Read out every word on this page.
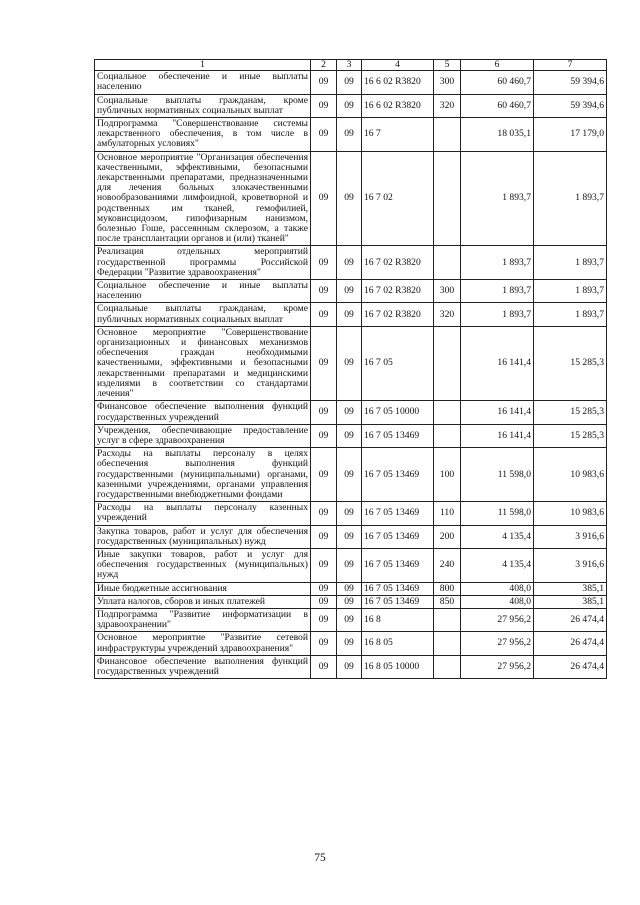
1	2	3	4	5	6	7
Социальное обеспечение и иные выплаты населению	09	09	16 6 02 R3820	300	60 460,7	59 394,6
Социальные выплаты гражданам, кроме публичных нормативных социальных выплат	09	09	16 6 02 R3820	320	60 460,7	59 394,6
Подпрограмма "Совершенствование системы лекарственного обеспечения, в том числе в амбулаторных условиях"	09	09	16 7		18 035,1	17 179,0
Основное мероприятие "Организация обеспечения качественными, эффективными, безопасными лекарственными препаратами, предназначенными для лечения больных злокачественными новообразованиями лимфоидной, кроветворной и родственных им тканей, гемофилией, муковисцидозом, гипофизарным нанизмом, болезнью Гоше, рассеянным склерозом, а также после трансплантации органов и (или) тканей"	09	09	16 7 02		1 893,7	1 893,7
Реализация отдельных мероприятий государственной программы Российской Федерации "Развитие здравоохранения"	09	09	16 7 02 R3820		1 893,7	1 893,7
Социальное обеспечение и иные выплаты населению	09	09	16 7 02 R3820	300	1 893,7	1 893,7
Социальные выплаты гражданам, кроме публичных нормативных социальных выплат	09	09	16 7 02 R3820	320	1 893,7	1 893,7
Основное мероприятие "Совершенствование организационных и финансовых механизмов обеспечения граждан необходимыми качественными, эффективными и безопасными лекарственными препаратами и медицинскими изделиями в соответствии со стандартами лечения"	09	09	16 7 05		16 141,4	15 285,3
Финансовое обеспечение выполнения функций государственных учреждений	09	09	16 7 05 10000		16 141,4	15 285,3
Учреждения, обеспечивающие предоставление услуг в сфере здравоохранения	09	09	16 7 05 13469		16 141,4	15 285,3
Расходы на выплаты персоналу в целях обеспечения выполнения функций государственными (муниципальными) органами, казенными учреждениями, органами управления государственными внебюджетными фондами	09	09	16 7 05 13469	100	11 598,0	10 983,6
Расходы на выплаты персоналу казенных учреждений	09	09	16 7 05 13469	110	11 598,0	10 983,6
Закупка товаров, работ и услуг для обеспечения государственных (муниципальных) нужд	09	09	16 7 05 13469	200	4 135,4	3 916,6
Иные закупки товаров, работ и услуг для обеспечения государственных (муниципальных) нужд	09	09	16 7 05 13469	240	4 135,4	3 916,6
Иные бюджетные ассигнования	09	09	16 7 05 13469	800	408,0	385,1
Уплата налогов, сборов и иных платежей	09	09	16 7 05 13469	850	408,0	385,1
Подпрограмма "Развитие информатизации в здравоохранении"	09	09	16 8		27 956,2	26 474,4
Основное мероприятие "Развитие сетевой инфраструктуры учреждений здравоохранения"	09	09	16 8 05		27 956,2	26 474,4
Финансовое обеспечение выполнения функций государственных учреждений	09	09	16 8 05 10000		27 956,2	26 474,4
75
